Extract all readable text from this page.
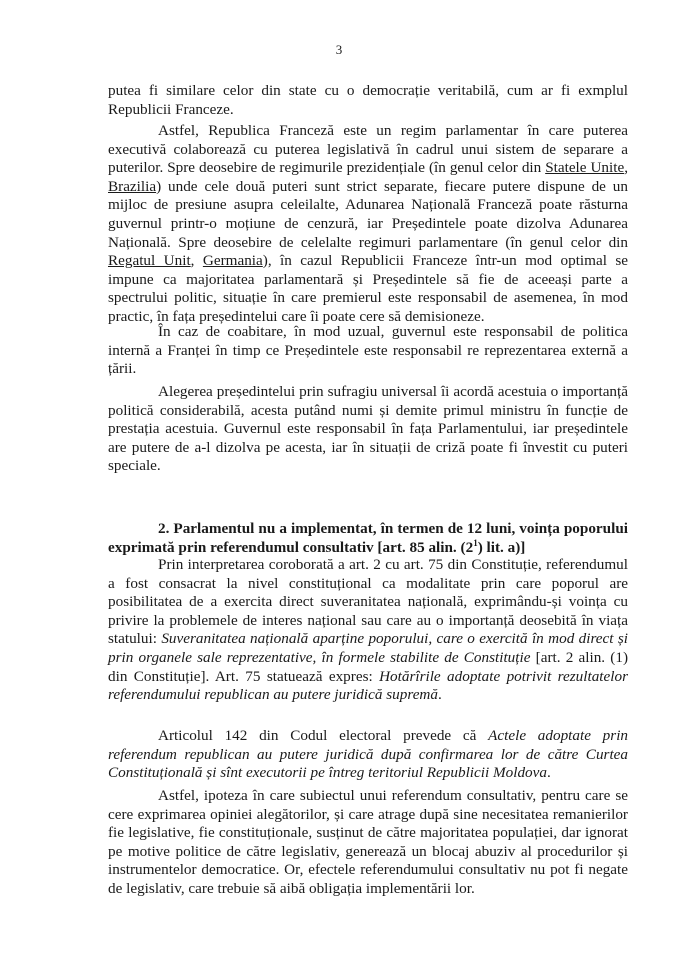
3

putea fi similare celor din state cu o democrație veritabilă, cum ar fi exmplul Republicii Franceze.

Astfel, Republica Franceză este un regim parlamentar în care puterea executivă colaborează cu puterea legislativă în cadrul unui sistem de separare a puterilor. Spre deosebire de regimurile prezidențiale (în genul celor din Statele Unite, Brazilia) unde cele două puteri sunt strict separate, fiecare putere dispune de un mijloc de presiune asupra celeilalte, Adunarea Națională Franceză poate răsturna guvernul printr-o moțiune de cenzură, iar Președintele poate dizolva Adunarea Națională. Spre deosebire de celelalte regimuri parlamentare (în genul celor din Regatul Unit, Germania), în cazul Republicii Franceze într-un mod optimal se impune ca majoritatea parlamentară și Președintele să fie de aceeași parte a spectrului politic, situație în care premierul este responsabil de asemenea, în mod practic, în fața președintelui care îi poate cere să demisioneze.

În caz de coabitare, în mod uzual, guvernul este responsabil de politica internă a Franței în timp ce Președintele este responsabil re reprezentarea externă a țării.

Alegerea președintelui prin sufragiu universal îi acordă acestuia o importanță politică considerabilă, acesta putând numi și demite primul ministru în funcție de prestația acestuia. Guvernul este responsabil în fața Parlamentului, iar președintele are putere de a-l dizolva pe acesta, iar în situații de criză poate fi învestit cu puteri speciale.

2. Parlamentul nu a implementat, în termen de 12 luni, voința poporului exprimată prin referendumul consultativ [art. 85 alin. $(2^1)$ lit. a)]

Prin interpretarea coroborată a art. 2 cu art. 75 din Constituție, referendumul a fost consacrat la nivel constituțional ca modalitate prin care poporul are posibilitatea de a exercita direct suveranitatea națională, exprimându-și voința cu privire la problemele de interes național sau care au o importanță deosebită în viața statului: Suveranitatea națională aparține poporului, care o exercită în mod direct și prin organele sale reprezentative, în formele stabilite de Constituție [art. 2 alin. (1) din Constituție]. Art. 75 statuează expres: Hotărîrile adoptate potrivit rezultatelor referendumului republican au putere juridică supremă.

Articolul 142 din Codul electoral prevede că Actele adoptate prin referendum republican au putere juridică după confirmarea lor de către Curtea Constituțională și sînt executorii pe întreg teritoriul Republicii Moldova.

Astfel, ipoteza în care subiectul unui referendum consultativ, pentru care se cere exprimarea opiniei alegătorilor, și care atrage după sine necesitatea remanierilor fie legislative, fie constituționale, susținut de către majoritatea populației, dar ignorat pe motive politice de către legislativ, generează un blocaj abuziv al procedurilor și instrumentelor democratice. Or, efectele referendumului consultativ nu pot fi negate de legislativ, care trebuie să aibă obligația implementării lor.
